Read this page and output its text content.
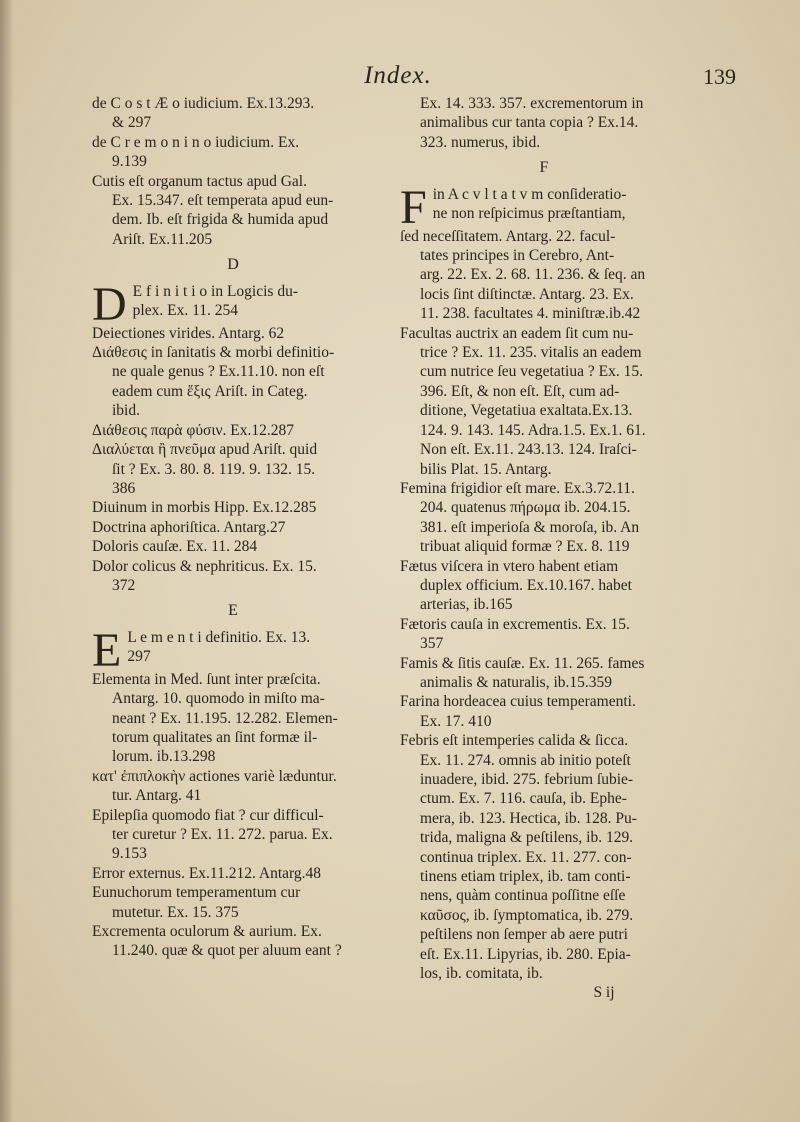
Index.	139
de C o s t Æ o iudicium. Ex.13.293.
& 297
de C r e m o n i n o iudicium. Ex.
9.139
Cutis eſt organum tactus apud Gal.
Ex. 15.347. eſt temperata apud eun-
dem. Ib. eſt frigida & humida apud
Ariſt. Ex.11.205
D
D E f i n i t i o in Logicis du-
plex. Ex. 11. 254
Deiectiones virides. Antarg. 62
Διάθεσις in ſanitatis & morbi definitio-
ne quale genus ? Ex.11.10. non eſt
eadem cum ἕξις Ariſt. in Categ.
ibid.
Διάθεσις παρὰ φύσιν. Ex.12.287
Διαλύεται ἢ πνεῦμα apud Ariſt. quid
ſit ? Ex. 3. 80. 8. 119. 9. 132. 15.
386
Diuinum in morbis Hipp. Ex.12.285
Doctrina aphoriſtica. Antarg.27
Doloris cauſæ. Ex. 11. 284
Dolor colicus & nephriticus. Ex. 15.
372
E
E L e m e n t i definitio. Ex. 13.
297
Elementa in Med. ſunt inter præſcita.
Antarg. 10. quomodo in miſto ma-
neant ? Ex. 11.195. 12.282. Elemen-
torum qualitates an ſint formæ il-
lorum. ib.13.298
κατ' ἐπιπλοκὴν actiones variè læduntur.
tur. Antarg. 41
Epilepſia quomodo fiat ? cur difficul-
ter curetur ? Ex. 11. 272. parua. Ex.
9.153
Error externus. Ex.11.212. Antarg.48
Eunuchorum temperamentum cur
mutetur. Ex. 15. 375
Excrementa oculorum & aurium. Ex.
11.240. quæ & quot per aluum eant ?
Ex. 14. 333. 357. excrementorum in
animalibus cur tanta copia ? Ex.14.
323. numerus, ibid.
F
F in A c v l t a t v m conſideratio-
ne non reſpicimus præſtantiam,
ſed neceſſitatem. Antarg. 22. facul-
tates principes in Cerebro, Ant-
arg. 22. Ex. 2. 68. 11. 236. & ſeq. an
locis ſint diſtinctæ. Antarg. 23. Ex.
11. 238. facultates 4. miniſtræ.ib.42
Facultas auctrix an eadem ſit cum nu-
trice ? Ex. 11. 235. vitalis an eadem
cum nutrice ſeu vegetatiua ? Ex. 15.
396. Eſt, & non eſt. Eſt, cum ad-
ditione, Vegetatiua exaltata.Ex.13.
124. 9. 143. 145. Adra.1.5. Ex.1. 61.
Non eſt. Ex.11. 243.13. 124. Iraſci-
bilis Plat. 15. Antarg.
Femina frigidior eſt mare. Ex.3.72.11.
204. quatenus πήρωμα ib. 204.15.
381. eſt imperioſa & moroſa, ib. An
tribuat aliquid formæ ? Ex. 8. 119
Fætus viſcera in vtero habent etiam
duplex officium. Ex.10.167. habet
arterias, ib.165
Fætoris cauſa in excrementis. Ex. 15.
357
Famis & ſitis cauſæ. Ex. 11. 265. fames
animalis & naturalis, ib.15.359
Farina hordeacea cuius temperamenti.
Ex. 17. 410
Febris eſt intemperies calida & ſicca.
Ex. 11. 274. omnis ab initio poteſt
inuadere, ibid. 275. febrium ſubie-
ctum. Ex. 7. 116. cauſa, ib. Ephe-
mera, ib. 123. Hectica, ib. 128. Pu-
trida, maligna & peſtilens, ib. 129.
continua triplex. Ex. 11. 277. con-
tinens etiam triplex, ib. tam conti-
nens, quàm continua poſſitne eſſe
καῦσος, ib. ſymptomatica, ib. 279.
peſtilens non ſemper ab aere putri
eſt. Ex.11. Lipyrias, ib. 280. Epia-
los, ib. comitata, ib.
S ij
